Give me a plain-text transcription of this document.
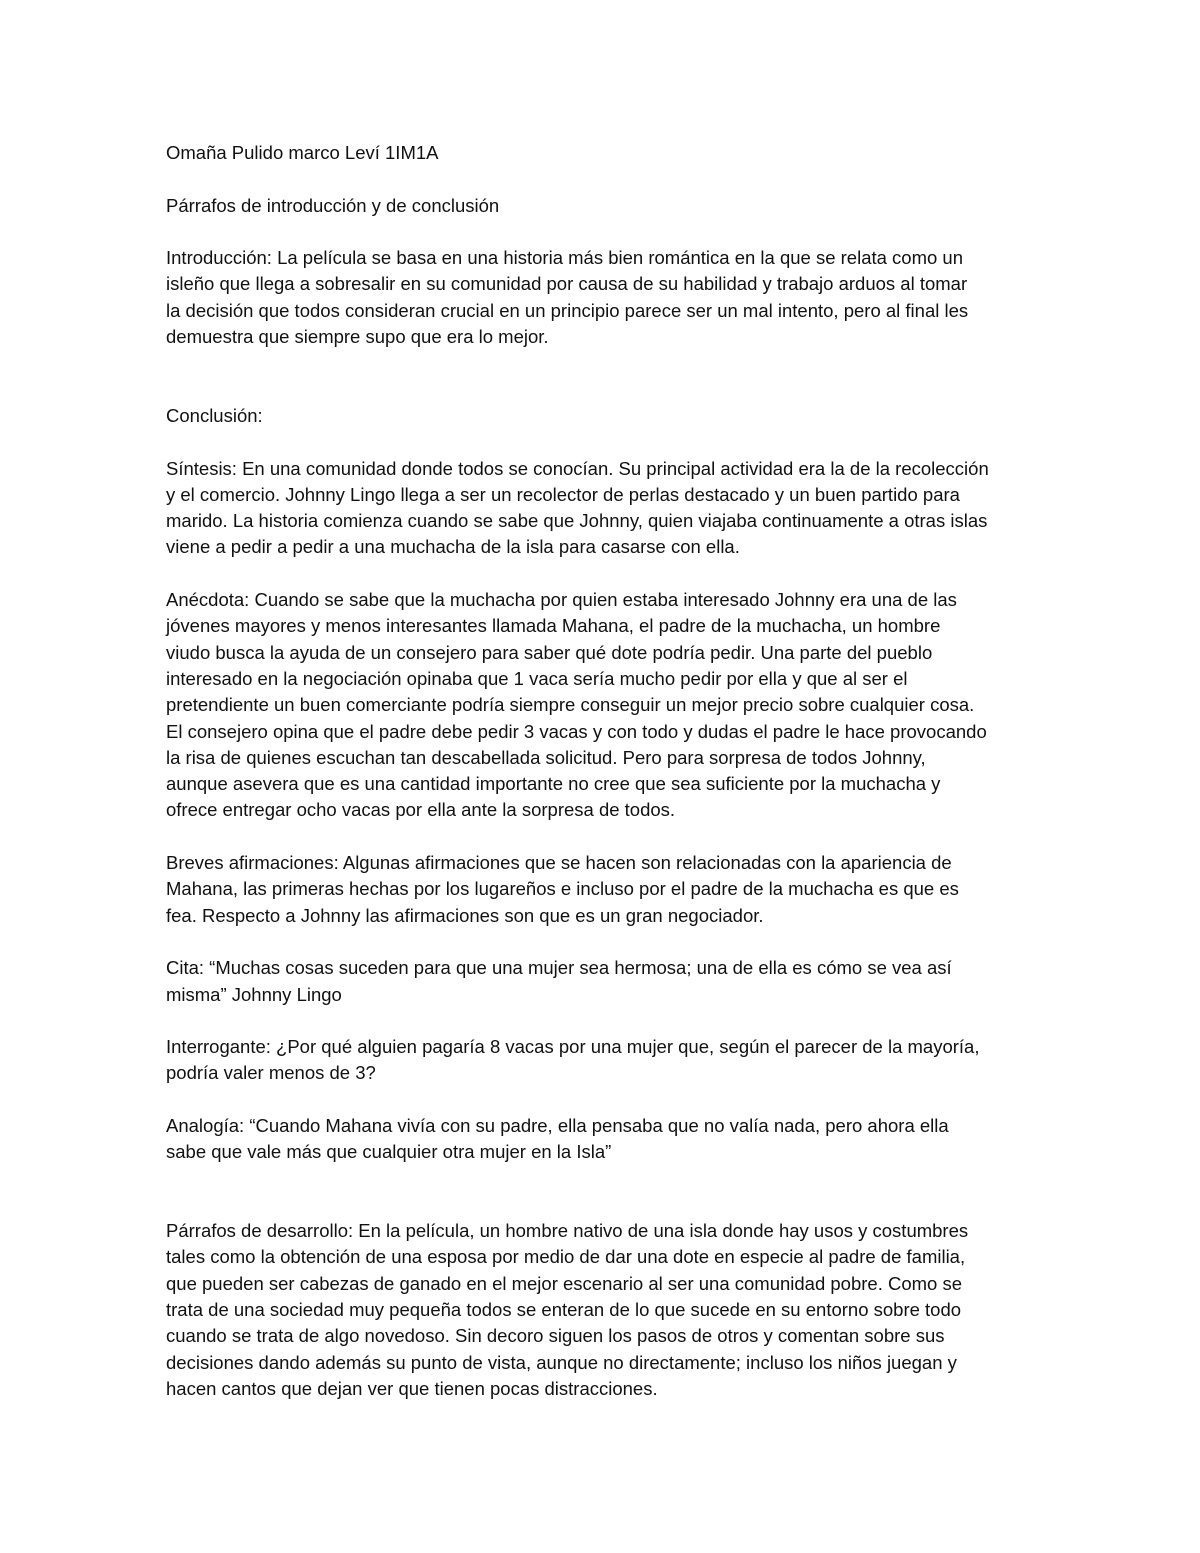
Omaña Pulido marco Leví 1IM1A

Párrafos de introducción y de conclusión

Introducción: La película se basa en una historia más bien romántica en la que se relata como un
isleño que llega a sobresalir en su comunidad por causa de su habilidad y trabajo arduos al tomar
la decisión que todos consideran crucial en un principio parece ser un mal intento, pero al final les
demuestra que siempre supo que era lo mejor.

Conclusión:

Síntesis: En una comunidad donde todos se conocían. Su principal actividad era la de la recolección
y el comercio. Johnny Lingo llega a ser un recolector de perlas destacado y un buen partido para
marido. La historia comienza cuando se sabe que Johnny, quien viajaba continuamente a otras islas
viene a pedir a pedir a una muchacha de la isla para casarse con ella.

Anécdota: Cuando se sabe que la muchacha por quien estaba interesado Johnny era una de las
jóvenes mayores y menos interesantes llamada Mahana, el padre de la muchacha, un hombre
viudo busca la ayuda de un consejero para saber qué dote podría pedir. Una parte del pueblo
interesado en la negociación opinaba que 1 vaca sería mucho pedir por ella y que al ser el
pretendiente un buen comerciante podría siempre conseguir un mejor precio sobre cualquier cosa.
El consejero opina que el padre debe pedir 3 vacas y con todo y dudas el padre le hace provocando
la risa de quienes escuchan tan descabellada solicitud. Pero para sorpresa de todos Johnny,
aunque asevera que es una cantidad importante no cree que sea suficiente por la muchacha y
ofrece entregar ocho vacas por ella ante la sorpresa de todos.

Breves afirmaciones: Algunas afirmaciones que se hacen son relacionadas con la apariencia de
Mahana, las primeras hechas por los lugareños e incluso por el padre de la muchacha es que es
fea. Respecto a Johnny las afirmaciones son que es un gran negociador.

Cita: “Muchas cosas suceden para que una mujer sea hermosa; una de ella es cómo se vea así
misma” Johnny Lingo

Interrogante: ¿Por qué alguien pagaría 8 vacas por una mujer que, según el parecer de la mayoría,
podría valer menos de 3?

Analogía: “Cuando Mahana vivía con su padre, ella pensaba que no valía nada, pero ahora ella
sabe que vale más que cualquier otra mujer en la Isla”

Párrafos de desarrollo: En la película, un hombre nativo de una isla donde hay usos y costumbres
tales como la obtención de una esposa por medio de dar una dote en especie al padre de familia,
que pueden ser cabezas de ganado en el mejor escenario al ser una comunidad pobre. Como se
trata de una sociedad muy pequeña todos se enteran de lo que sucede en su entorno sobre todo
cuando se trata de algo novedoso. Sin decoro siguen los pasos de otros y comentan sobre sus
decisiones dando además su punto de vista, aunque no directamente; incluso los niños juegan y
hacen cantos que dejan ver que tienen pocas distracciones.
